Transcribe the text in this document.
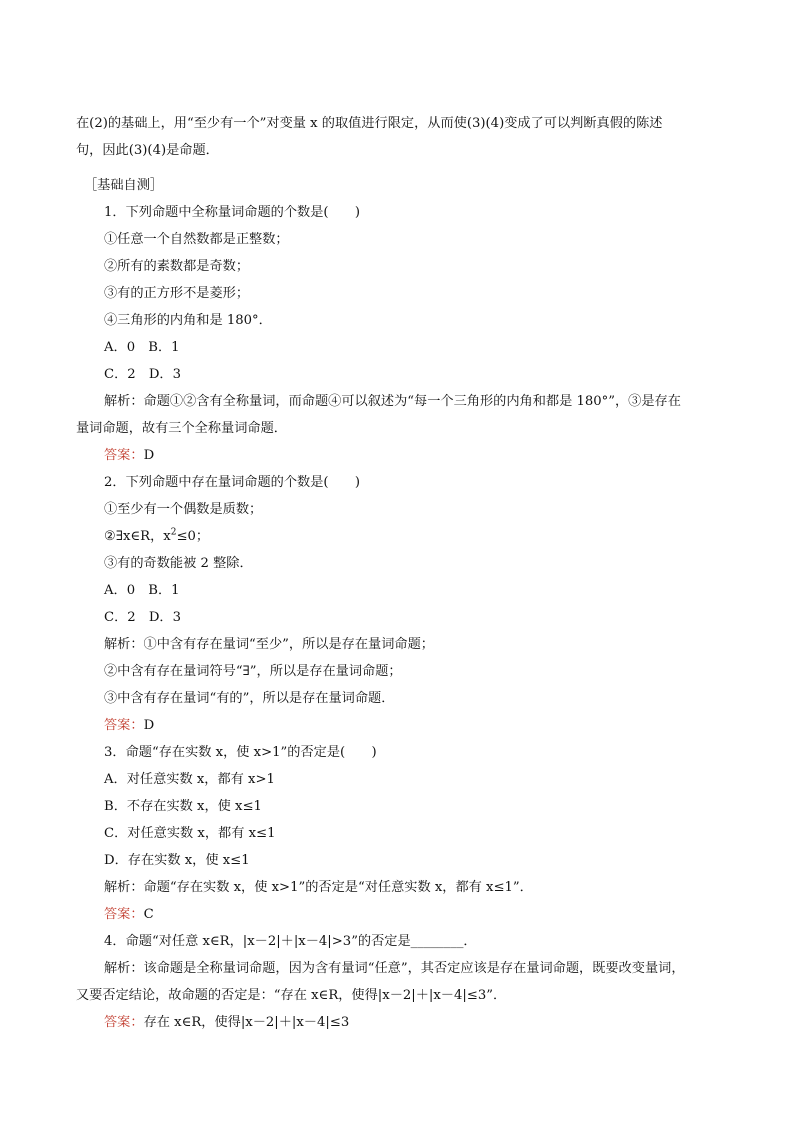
在(2)的基础上，用“至少有一个”对变量 x 的取值进行限定，从而使(3)(4)变成了可以判断真假的陈述
句，因此(3)(4)是命题．
［基础自测］
1．下列命题中全称量词命题的个数是(　　)
①任意一个自然数都是正整数；
②所有的素数都是奇数；
③有的正方形不是菱形；
④三角形的内角和是 180°．
A．0　B．1
C．2　D．3
解析：命题①②含有全称量词，而命题④可以叙述为“每一个三角形的内角和都是 180°”，③是存在
量词命题，故有三个全称量词命题．
答案：D
2．下列命题中存在量词命题的个数是(　　)
①至少有一个偶数是质数；
②∃x∈R，$x^2\le 0$；
③有的奇数能被 2 整除．
A．0　B．1
C．2　D．3
解析：①中含有存在量词“至少”，所以是存在量词命题；
②中含有存在量词符号“∃”，所以是存在量词命题；
③中含有存在量词“有的”，所以是存在量词命题．
答案：D
3．命题“存在实数 x，使 x>1”的否定是(　　)
A．对任意实数 x，都有 x>1
B．不存在实数 x，使 x≤1
C．对任意实数 x，都有 x≤1
D．存在实数 x，使 x≤1
解析：命题“存在实数 x，使 x>1”的否定是“对任意实数 x，都有 x≤1”．
答案：C
4．命题“对任意 x∈R，|x－2|＋|x－4|>3”的否定是________．
解析：该命题是全称量词命题，因为含有量词“任意”，其否定应该是存在量词命题，既要改变量词，
又要否定结论，故命题的否定是：“存在 x∈R，使得|x－2|＋|x－4|≤3”．
答案：存在 x∈R，使得|x－2|＋|x－4|≤3
